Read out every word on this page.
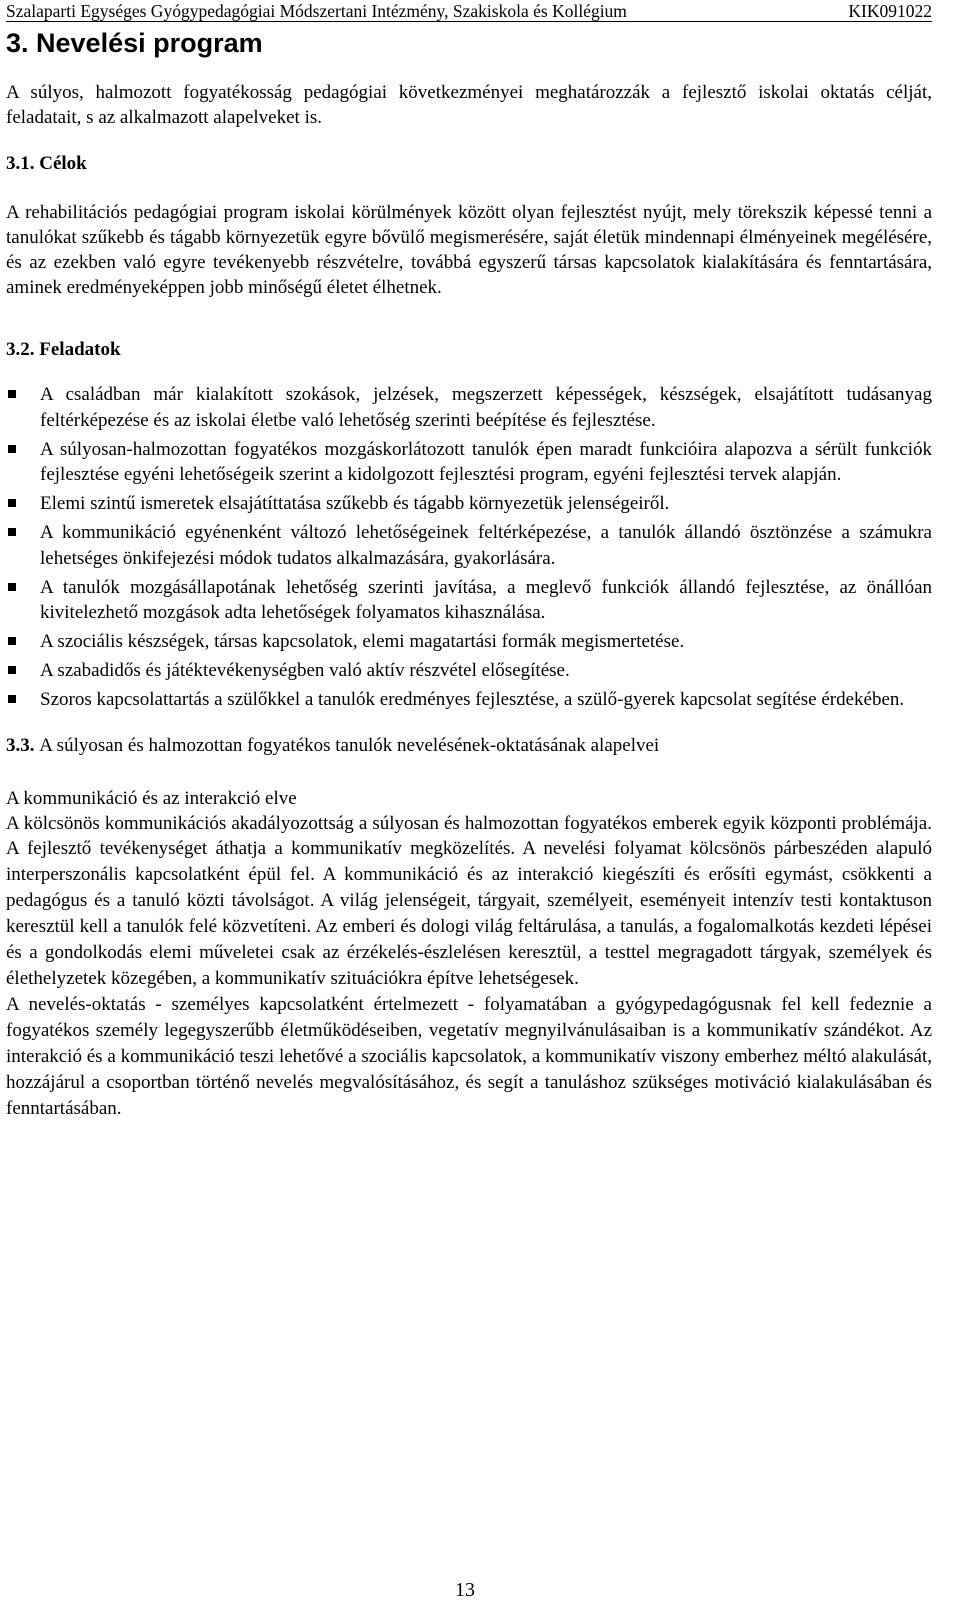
Szalaparti Egységes Gyógypedagógiai Módszertani Intézmény, Szakiskola és Kollégium	KIK091022
3. Nevelési program

A súlyos, halmozott fogyatékosság pedagógiai következményei meghatározzák a fejlesztő iskolai oktatás célját, feladatait, s az alkalmazott alapelveket is.

3.1. Célok

A rehabilitációs pedagógiai program iskolai körülmények között olyan fejlesztést nyújt, mely törekszik képessé tenni a tanulókat szűkebb és tágabb környezetük egyre bővülő megismerésére, saját életük mindennapi élményeinek megélésére, és az ezekben való egyre tevékenyebb részvételre, továbbá egyszerű társas kapcsolatok kialakítására és fenntartására, aminek eredményeképpen jobb minőségű életet élhetnek.

3.2. Feladatok
A családban már kialakított szokások, jelzések, megszerzett képességek, készségek, elsajátított tudásanyag feltérképezése és az iskolai életbe való lehetőség szerinti beépítése és fejlesztése.
A súlyosan-halmozottan fogyatékos mozgáskorlátozott tanulók épen maradt funkcióira alapozva a sérült funkciók fejlesztése egyéni lehetőségeik szerint a kidolgozott fejlesztési program, egyéni fejlesztési tervek alapján.
Elemi szintű ismeretek elsajátíttatása szűkebb és tágabb környezetük jelenségeiről.
A kommunikáció egyénenként változó lehetőségeinek feltérképezése, a tanulók állandó ösztönzése a számukra lehetséges önkifejezési módok tudatos alkalmazására, gyakorlására.
A tanulók mozgásállapotának lehetőség szerinti javítása, a meglevő funkciók állandó fejlesztése, az önállóan kivitelezhető mozgások adta lehetőségek folyamatos kihasználása.
A szociális készségek, társas kapcsolatok, elemi magatartási formák megismertetése.
A szabadidős és játéktevékenységben való aktív részvétel elősegítése.
Szoros kapcsolattartás a szülőkkel a tanulók eredményes fejlesztése, a szülő-gyerek kapcsolat segítése érdekében.
3.3. A súlyosan és halmozottan fogyatékos tanulók nevelésének-oktatásának alapelvei
A kommunikáció és az interakció elve

A kölcsönös kommunikációs akadályozottság a súlyosan és halmozottan fogyatékos emberek egyik központi problémája. A fejlesztő tevékenységet áthatja a kommunikatív megközelítés. A nevelési folyamat kölcsönös párbeszéden alapuló interperszonális kapcsolatként épül fel. A kommunikáció és az interakció kiegészíti és erősíti egymást, csökkenti a pedagógus és a tanuló közti távolságot. A világ jelenségeit, tárgyait, személyeit, eseményeit intenzív testi kontaktuson keresztül kell a tanulók felé közvetíteni. Az emberi és dologi világ feltárulása, a tanulás, a fogalomalkotás kezdeti lépései és a gondolkodás elemi műveletei csak az érzékelés-észlelésen keresztül, a testtel megragadott tárgyak, személyek és élethelyzetek közegében, a kommunikatív szituációkra építve lehetségesek.

A nevelés-oktatás - személyes kapcsolatként értelmezett - folyamatában a gyógypedagógusnak fel kell fedeznie a fogyatékos személy legegyszerűbb életműködéseiben, vegetatív megnyilvánulásaiban is a kommunikatív szándékot. Az interakció és a kommunikáció teszi lehetővé a szociális kapcsolatok, a kommunikatív viszony emberhez méltó alakulását, hozzájárul a csoportban történő nevelés megvalósításához, és segít a tanuláshoz szükséges motiváció kialakulásában és fenntartásában.

13
